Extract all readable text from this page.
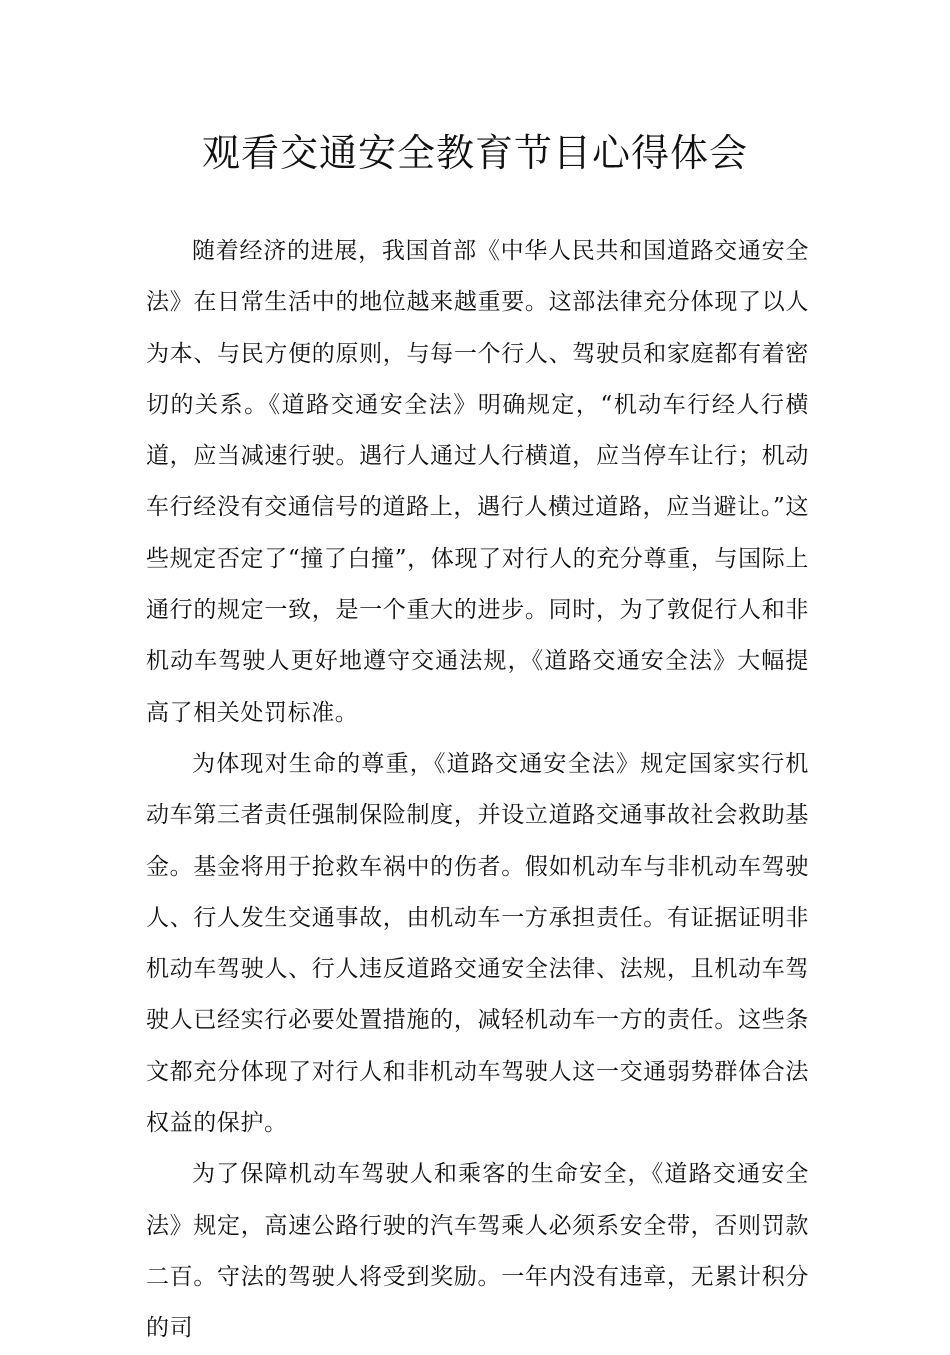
观看交通安全教育节目心得体会

随着经济的进展，我国首部《中华人民共和国道路交通安全法》在日常生活中的地位越来越重要。这部法律充分体现了以人为本、与民方便的原则，与每一个行人、驾驶员和家庭都有着密切的关系。《道路交通安全法》明确规定，“机动车行经人行横道，应当减速行驶。遇行人通过人行横道，应当停车让行；机动车行经没有交通信号的道路上，遇行人横过道路，应当避让。”这些规定否定了“撞了白撞”，体现了对行人的充分尊重，与国际上通行的规定一致，是一个重大的进步。同时，为了敦促行人和非机动车驾驶人更好地遵守交通法规，《道路交通安全法》大幅提高了相关处罚标准。

为体现对生命的尊重，《道路交通安全法》规定国家实行机动车第三者责任强制保险制度，并设立道路交通事故社会救助基金。基金将用于抢救车祸中的伤者。假如机动车与非机动车驾驶人、行人发生交通事故，由机动车一方承担责任。有证据证明非机动车驾驶人、行人违反道路交通安全法律、法规，且机动车驾驶人已经实行必要处置措施的，减轻机动车一方的责任。这些条文都充分体现了对行人和非机动车驾驶人这一交通弱势群体合法权益的保护。

为了保障机动车驾驶人和乘客的生命安全，《道路交通安全法》规定，高速公路行驶的汽车驾乘人必须系安全带，否则罚款二百。守法的驾驶人将受到奖励。一年内没有违章，无累计积分的司
